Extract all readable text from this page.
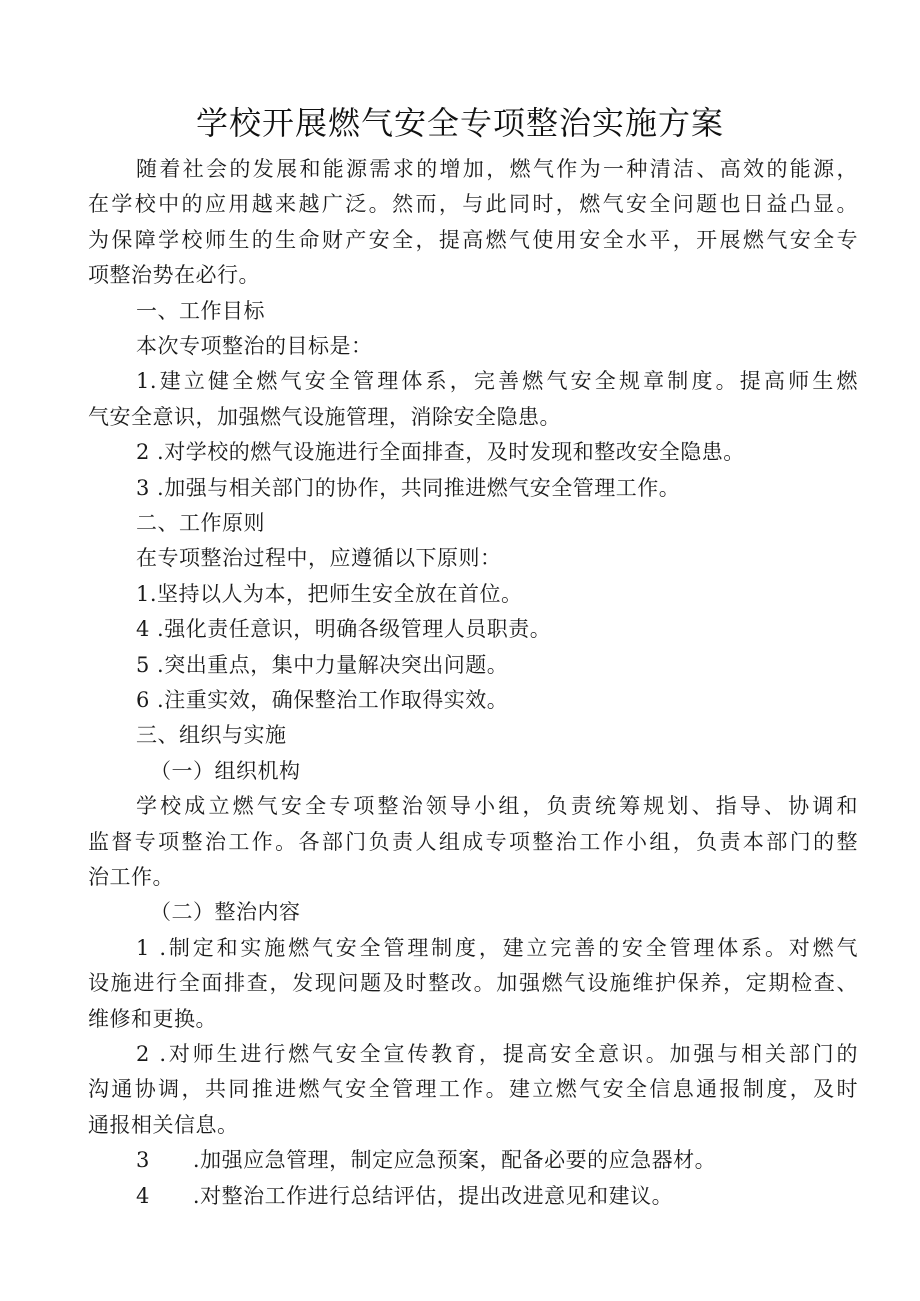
学校开展燃气安全专项整治实施方案
随着社会的发展和能源需求的增加，燃气作为一种清洁、高效的能源，
在学校中的应用越来越广泛。然而，与此同时，燃气安全问题也日益凸显。
为保障学校师生的生命财产安全，提高燃气使用安全水平，开展燃气安全专
项整治势在必行。
一、工作目标
本次专项整治的目标是：
1.建立健全燃气安全管理体系，完善燃气安全规章制度。提高师生燃
气安全意识，加强燃气设施管理，消除安全隐患。
2 .对学校的燃气设施进行全面排查，及时发现和整改安全隐患。
3 .加强与相关部门的协作，共同推进燃气安全管理工作。
二、工作原则
在专项整治过程中，应遵循以下原则：
1.坚持以人为本，把师生安全放在首位。
4 .强化责任意识，明确各级管理人员职责。
5 .突出重点，集中力量解决突出问题。
6 .注重实效，确保整治工作取得实效。
三、组织与实施
（一）组织机构
学校成立燃气安全专项整治领导小组，负责统筹规划、指导、协调和
监督专项整治工作。各部门负责人组成专项整治工作小组，负责本部门的整
治工作。
（二）整治内容
1 .制定和实施燃气安全管理制度，建立完善的安全管理体系。对燃气
设施进行全面排查，发现问题及时整改。加强燃气设施维护保养，定期检查、
维修和更换。
2 .对师生进行燃气安全宣传教育，提高安全意识。加强与相关部门的
沟通协调，共同推进燃气安全管理工作。建立燃气安全信息通报制度，及时
通报相关信息。
3      .加强应急管理，制定应急预案，配备必要的应急器材。
4      .对整治工作进行总结评估，提出改进意见和建议。
